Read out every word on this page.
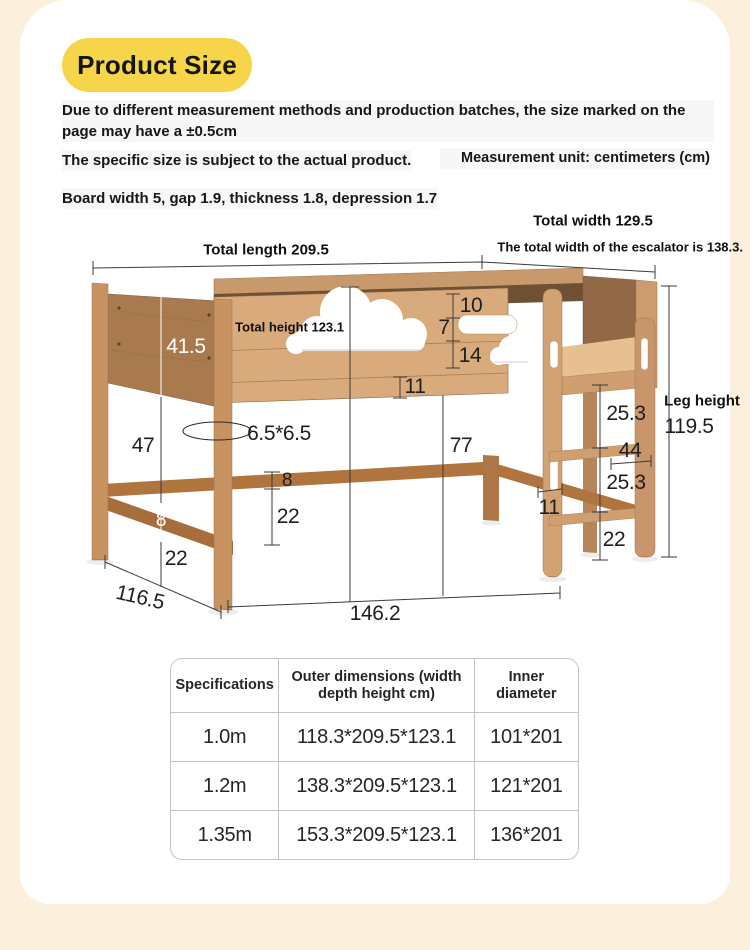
Product Size
Due to different measurement methods and production batches, the size marked on the page may have a ±0.5cm
The specific size is subject to the actual product.	Measurement unit: centimeters (cm)
Board width 5, gap 1.9, thickness 1.8, depression 1.7
Total length 209.5
Total width 129.5
The total width of the escalator is 138.3.
Total height 123.1
41.5
10
7
14
11
6.5*6.5
47	77
8
22
8
22
116.5	146.2
25.3
44
25.3
11
22
Leg height
119.5
Specifications	Outer dimensions (width depth height cm)	Inner diameter
1.0m	118.3*209.5*123.1	101*201
1.2m	138.3*209.5*123.1	121*201
1.35m	153.3*209.5*123.1	136*201
